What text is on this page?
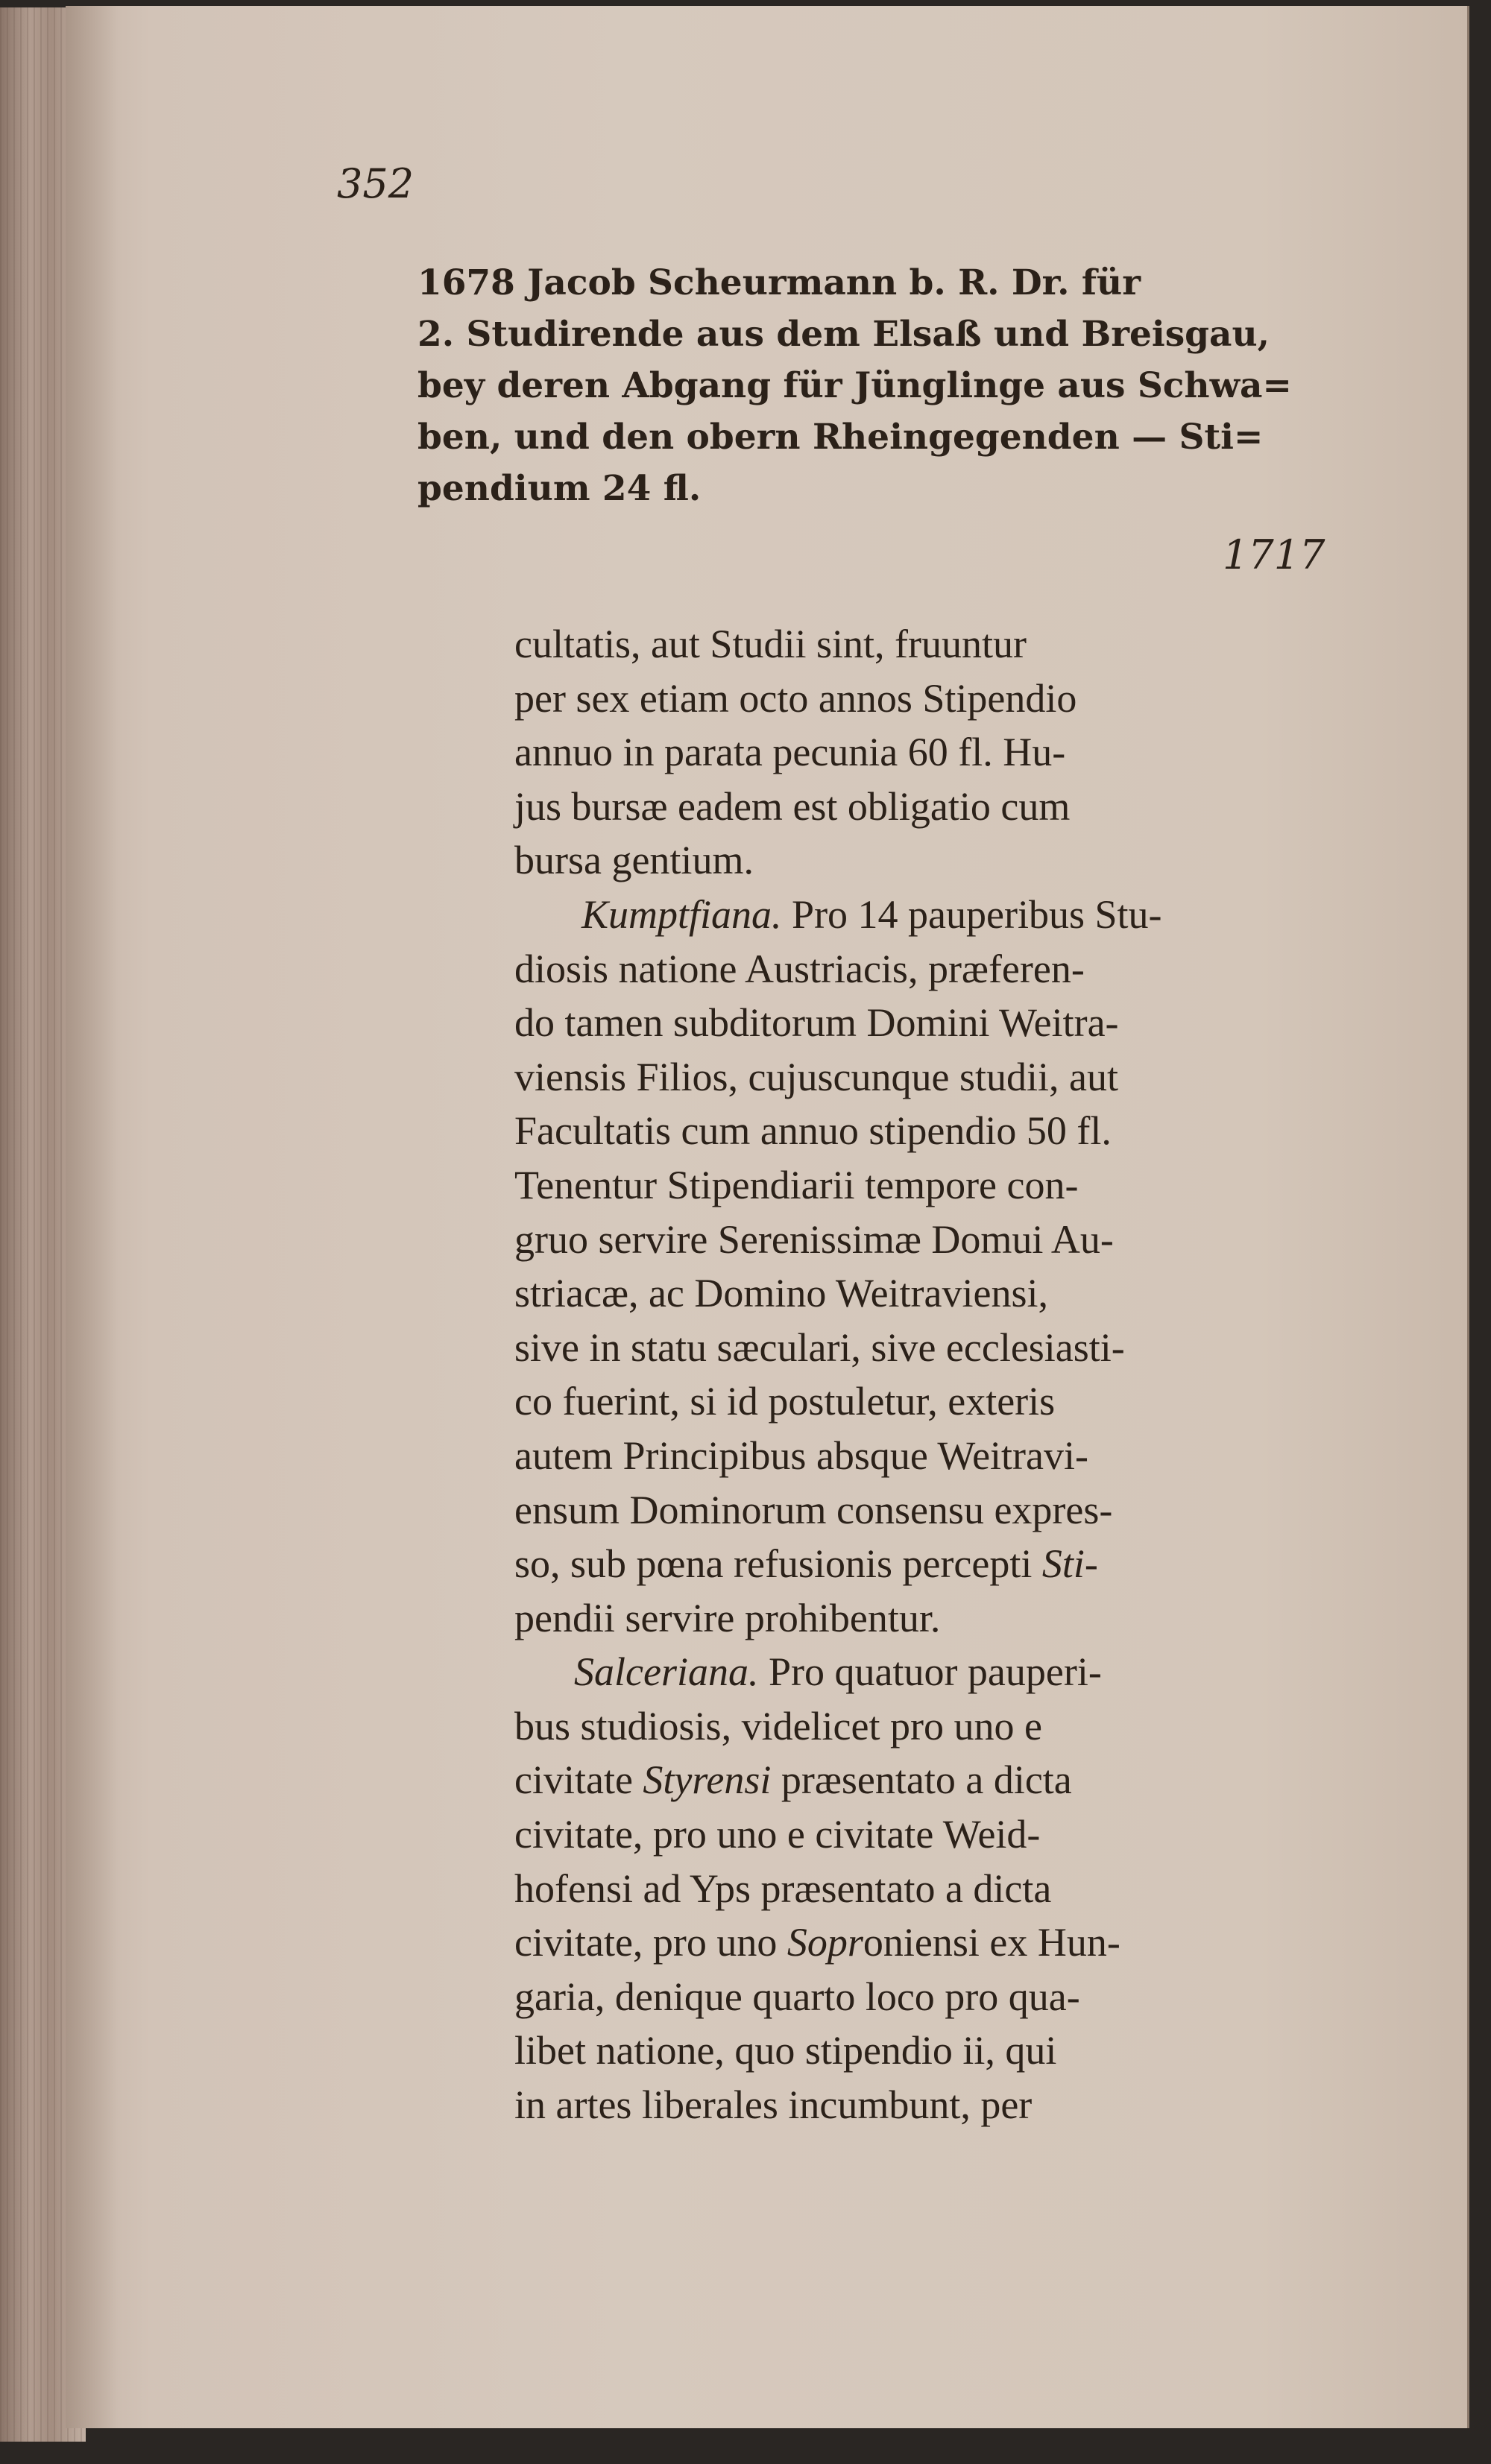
352
1678 Jacob Scheurmann b. R. Dr. für
2. Studirende aus dem Elsaß und Breisgau,
bey deren Abgang für Jünglinge aus Schwa=
ben, und den obern Rheingegenden — Sti=
pendium 24 fl.
1717
cultatis, aut Studii sint, fruuntur
per sex etiam octo annos Stipendio
annuo in parata pecunia 60 fl. Hu-
jus bursæ eadem est obligatio cum
bursa gentium.
Kumptfiana. Pro 14 pauperibus Stu-
diosis natione Austriacis, præferen-
do tamen subditorum Domini Weitra-
viensis Filios, cujuscunque studii, aut
Facultatis cum annuo stipendio 50 fl.
Tenentur Stipendiarii tempore con-
gruo servire Serenissimæ Domui Au-
striacæ, ac Domino Weitraviensi,
sive in statu sæculari, sive ecclesiasti-
co fuerint, si id postuletur, exteris
autem Principibus absque Weitravi-
ensum Dominorum consensu expres-
so, sub pœna refusionis percepti Sti-
pendii servire prohibentur.
Salceriana. Pro quatuor pauperi-
bus studiosis, videlicet pro uno e
civitate Styrensi præsentato a dicta
civitate, pro uno e civitate Weid-
hofensi ad Yps præsentato a dicta
civitate, pro uno Soproniensi ex Hun-
garia, denique quarto loco pro qua-
libet natione, quo stipendio ii, qui
in artes liberales incumbunt, per
